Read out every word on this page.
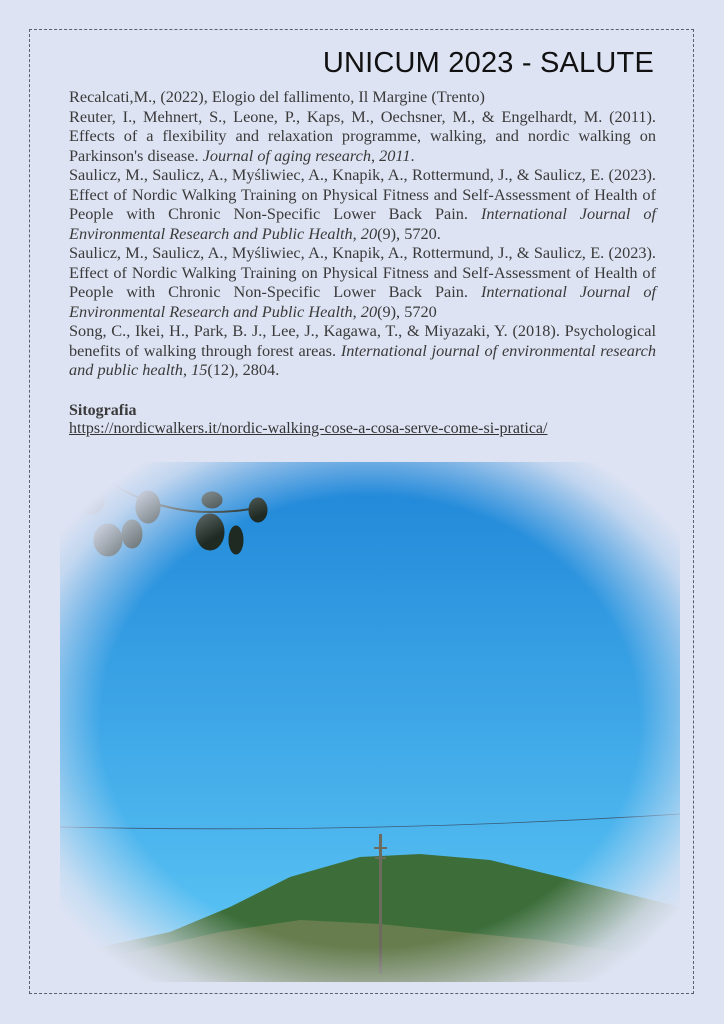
UNICUM 2023 - SALUTE

Recalcati,M., (2022), Elogio del fallimento, Il Margine (Trento)

Reuter, I., Mehnert, S., Leone, P., Kaps, M., Oechsner, M., & Engelhardt, M. (2011). Effects of a flexibility and relaxation programme, walking, and nordic walking on Parkinson's disease. Journal of aging research, 2011.

Saulicz, M., Saulicz, A., Myśliwiec, A., Knapik, A., Rottermund, J., & Saulicz, E. (2023). Effect of Nordic Walking Training on Physical Fitness and Self-Assessment of Health of People with Chronic Non-Specific Lower Back Pain. International Journal of Environmental Research and Public Health, 20(9), 5720.

Saulicz, M., Saulicz, A., Myśliwiec, A., Knapik, A., Rottermund, J., & Saulicz, E. (2023). Effect of Nordic Walking Training on Physical Fitness and Self-Assessment of Health of People with Chronic Non-Specific Lower Back Pain. International Journal of Environmental Research and Public Health, 20(9), 5720

Song, C., Ikei, H., Park, B. J., Lee, J., Kagawa, T., & Miyazaki, Y. (2018). Psychological benefits of walking through forest areas. International journal of environmental research and public health, 15(12), 2804.

Sitografia
https://nordicwalkers.it/nordic-walking-cose-a-cosa-serve-come-si-pratica/
